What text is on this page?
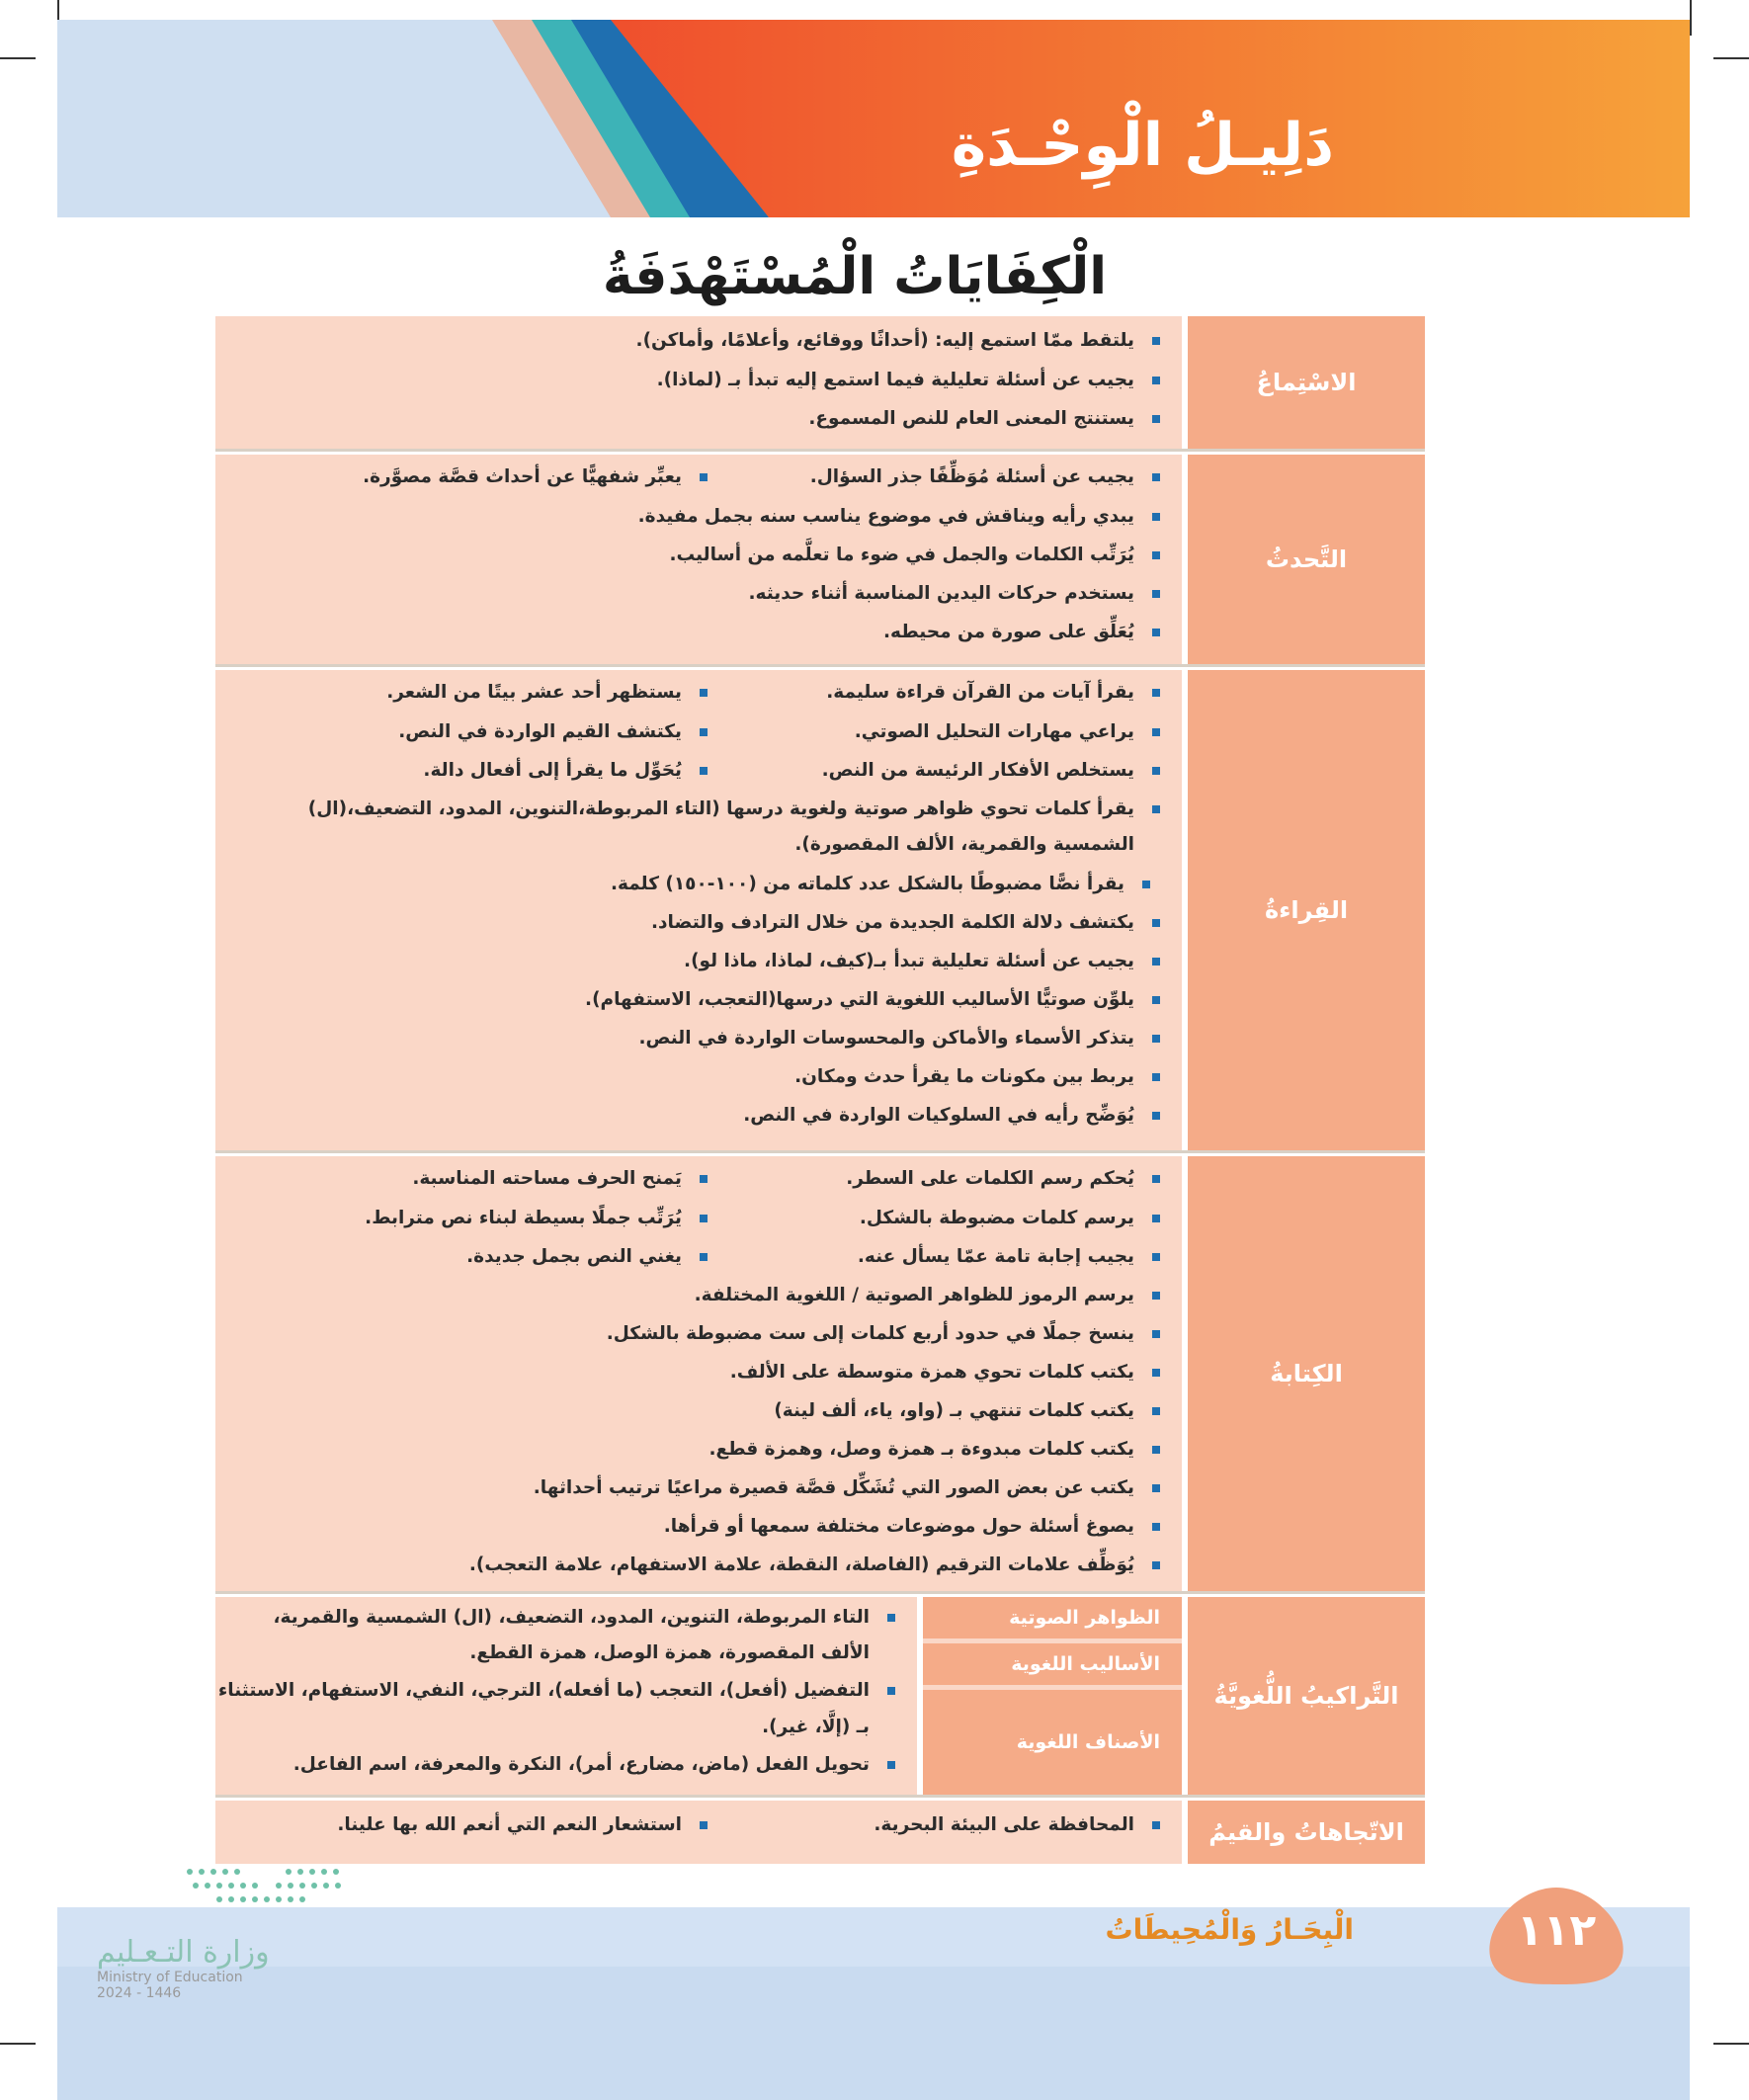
دَلِيـلُ الْوِحْـدَةِ
الْكِفَايَاتُ الْمُسْتَهْدَفَةُ
الاسْتِماعُ
يلتقط ممّا استمع إليه: (أحداثًا ووقائع، وأعلامًا، وأماكن).
يجيب عن أسئلة تعليلية فيما استمع إليه تبدأ بـ (لماذا).
يستنتج المعنى العام للنص المسموع.
التَّحدثُ
يجيب عن أسئلة مُوَظِّفًا جذر السؤال.
يعبِّر شفهيًّا عن أحداث قصَّة مصوَّرة.
يبدي رأيه ويناقش في موضوع يناسب سنه بجمل مفيدة.
يُرَتِّب الكلمات والجمل في ضوء ما تعلَّمه من أساليب.
يستخدم حركات اليدين المناسبة أثناء حديثه.
يُعَلِّق على صورة من محيطه.
القِراءةُ
يقرأ آيات من القرآن قراءة سليمة.
يستظهر أحد عشر بيتًا من الشعر.
يراعي مهارات التحليل الصوتي.
يكتشف القيم الواردة في النص.
يستخلص الأفكار الرئيسة من النص.
يُحَوِّل ما يقرأ إلى أفعال دالة.
يقرأ كلمات تحوي ظواهر صوتية ولغوية درسها (التاء المربوطة،التنوين، المدود، التضعيف،(ال)
الشمسية والقمرية، الألف المقصورة).
يقرأ نصًّا مضبوطًا بالشكل عدد كلماته من (١٠٠-١٥٠) كلمة.
يكتشف دلالة الكلمة الجديدة من خلال الترادف والتضاد.
يجيب عن أسئلة تعليلية تبدأ بـ(كيف، لماذا، ماذا لو).
يلوِّن صوتيًّا الأساليب اللغوية التي درسها(التعجب، الاستفهام).
يتذكر الأسماء والأماكن والمحسوسات الواردة في النص.
يربط بين مكونات ما يقرأ حدث ومكان.
يُوَضِّح رأيه في السلوكيات الواردة في النص.
الكِتابةُ
يُحكم رسم الكلمات على السطر.
يَمنح الحرف مساحته المناسبة.
يرسم كلمات مضبوطة بالشكل.
يُرَتِّب جملًا بسيطة لبناء نص مترابط.
يجيب إجابة تامة عمّا يسأل عنه.
يغني النص بجمل جديدة.
يرسم الرموز للظواهر الصوتية / اللغوية المختلفة.
ينسخ جملًا في حدود أربع كلمات إلى ست مضبوطة بالشكل.
يكتب كلمات تحوي همزة متوسطة على الألف.
يكتب كلمات تنتهي بـ (واو، ياء، ألف لينة)
يكتب كلمات مبدوءة بـ همزة وصل، وهمزة قطع.
يكتب عن بعض الصور التي تُشَكِّل قصَّة قصيرة مراعيًا ترتيب أحداثها.
يصوغ أسئلة حول موضوعات مختلفة سمعها أو قرأها.
يُوَظِّف علامات الترقيم (الفاصلة، النقطة، علامة الاستفهام، علامة التعجب).
التَّراكيبُ اللُّغويَّةُ
الظواهر الصوتية
الأساليب اللغوية
الأصناف اللغوية
التاء المربوطة، التنوين، المدود، التضعيف، (ال) الشمسية والقمرية،
الألف المقصورة، همزة الوصل، همزة القطع.
التفضيل (أفعل)، التعجب (ما أفعله)، الترجي، النفي، الاستفهام، الاستثناء
بـ (إلَّا، غير).
تحويل الفعل (ماض، مضارع، أمر)، النكرة والمعرفة، اسم الفاعل.
الاتّجاهاتُ والقيمُ
المحافظة على البيئة البحرية.
استشعار النعم التي أنعم الله بها علينا.
١١٢
الْبِحَـارُ وَالْمُحِيطَاتُ
وزارة التـعـليم
Ministry of Education
2024 - 1446
